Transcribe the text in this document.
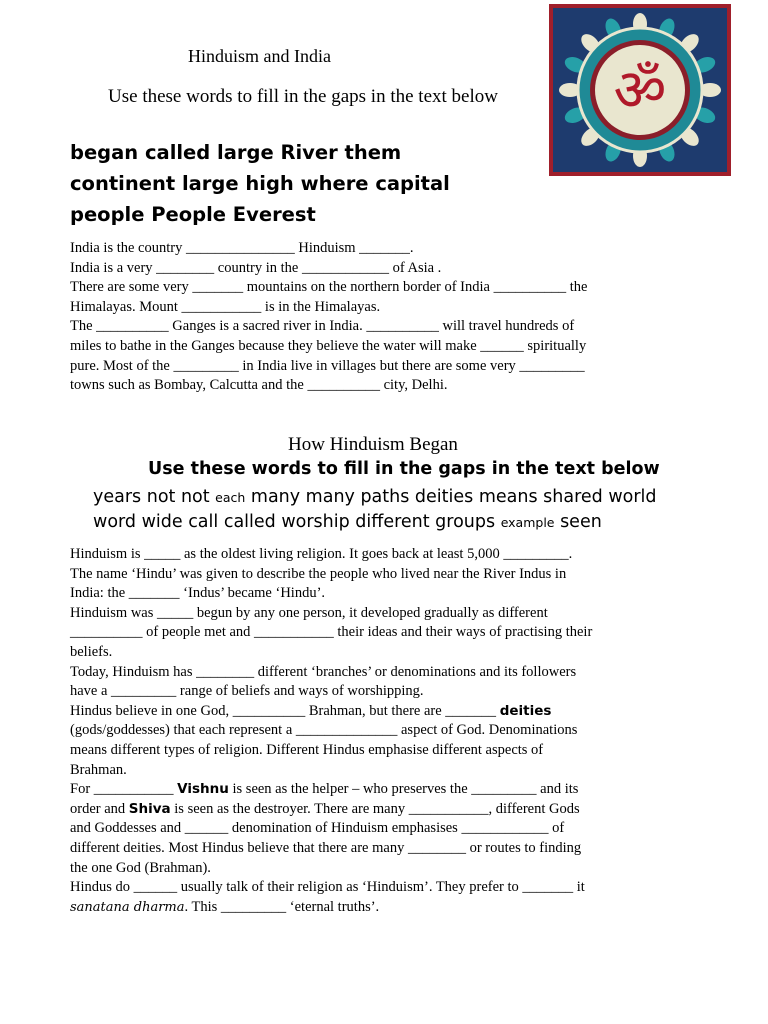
Hinduism and India
Use these words to fill in the gaps in the text below
began called large River them
continent large high where capital
people People Everest
India is the country _______________ Hinduism _______.
India is a very ________ country in the ____________ of Asia .
There are some very _______ mountains on the northern border of India __________ the
Himalayas. Mount ___________ is in the Himalayas.
The __________ Ganges is a sacred river in India. __________ will travel hundreds of
miles to bathe in the Ganges because they believe the water will make ______ spiritually
pure. Most of the _________ in India live in villages but there are some very _________
towns such as Bombay, Calcutta and the __________ city, Delhi.
How Hinduism Began
Use these words to fill in the gaps in the text below
years not not each many many paths deities means shared world
word wide call called worship different groups example seen
Hinduism is _____ as the oldest living religion. It goes back at least 5,000 _________.
The name ‘Hindu’ was given to describe the people who lived near the River Indus in
India: the _______ ‘Indus’ became ‘Hindu’.
Hinduism was _____ begun by any one person, it developed gradually as different
__________ of people met and ___________ their ideas and their ways of practising their
beliefs.
Today, Hinduism has ________ different ‘branches’ or denominations and its followers
have a _________ range of beliefs and ways of worshipping.
Hindus believe in one God, __________ Brahman, but there are _______ deities
(gods/goddesses) that each represent a ______________ aspect of God. Denominations
means different types of religion. Different Hindus emphasise different aspects of
Brahman.
For ___________ Vishnu is seen as the helper – who preserves the _________ and its
order and Shiva is seen as the destroyer. There are many ___________, different Gods
and Goddesses and ______ denomination of Hinduism emphasises ____________ of
different deities. Most Hindus believe that there are many ________ or routes to finding
the one God (Brahman).
Hindus do ______ usually talk of their religion as ‘Hinduism’. They prefer to _______ it
sanatana dharma. This _________ ‘eternal truths’.
ॐ
